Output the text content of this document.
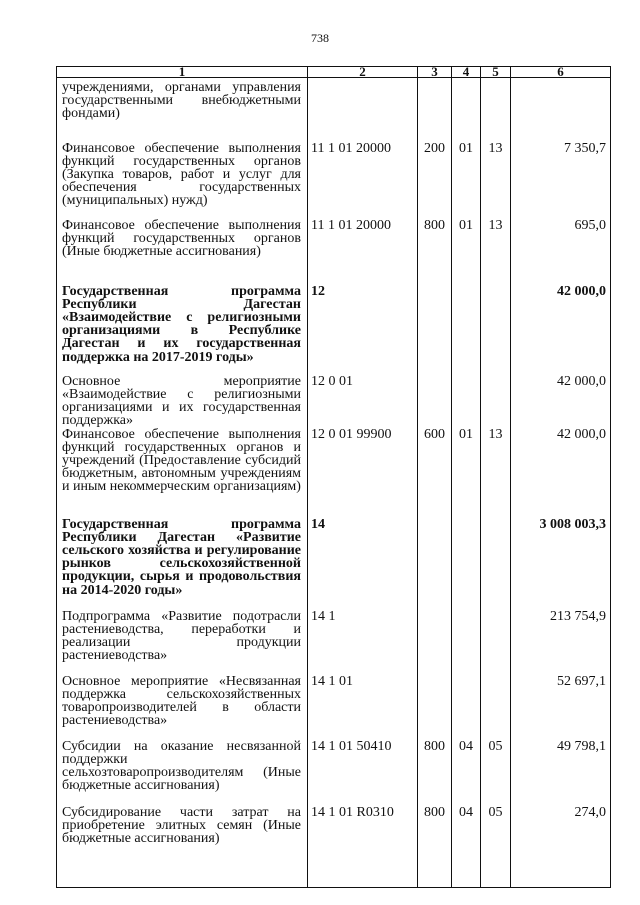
738
1	2	3	4	5	6
учреждениями, органами управления государственными внебюджетными фондами)					
Финансовое обеспечение выполнения функций государственных органов (Закупка товаров, работ и услуг для обеспечения государственных (муниципальных) нужд)	11 1 01 20000	200	01	13	7 350,7
Финансовое обеспечение выполнения функций государственных органов (Иные бюджетные ассигнования)	11 1 01 20000	800	01	13	695,0
Государственная программа Республики Дагестан «Взаимодействие с религиозными организациями в Республике Дагестан и их государственная поддержка на 2017-2019 годы»	12				42 000,0
Основное мероприятие «Взаимодействие с религиозными организациями и их государственная поддержка»	12 0 01				42 000,0
Финансовое обеспечение выполнения функций государственных органов и учреждений (Предоставление субсидий бюджетным, автономным учреждениям и иным некоммерческим организациям)	12 0 01 99900	600	01	13	42 000,0
Государственная программа Республики Дагестан «Развитие сельского хозяйства и регулирование рынков сельскохозяйственной продукции, сырья и продовольствия на 2014-2020 годы»	14				3 008 003,3
Подпрограмма «Развитие подотрасли растениеводства, переработки и реализации продукции растениеводства»	14 1				213 754,9
Основное мероприятие «Несвязанная поддержка сельскохозяйственных товаропроизводителей в области растениеводства»	14 1 01				52 697,1
Субсидии на оказание несвязанной поддержки сельхозтоваропроизводителям (Иные бюджетные ассигнования)	14 1 01 50410	800	04	05	49 798,1
Субсидирование части затрат на приобретение элитных семян (Иные бюджетные ассигнования)	14 1 01 R0310	800	04	05	274,0
